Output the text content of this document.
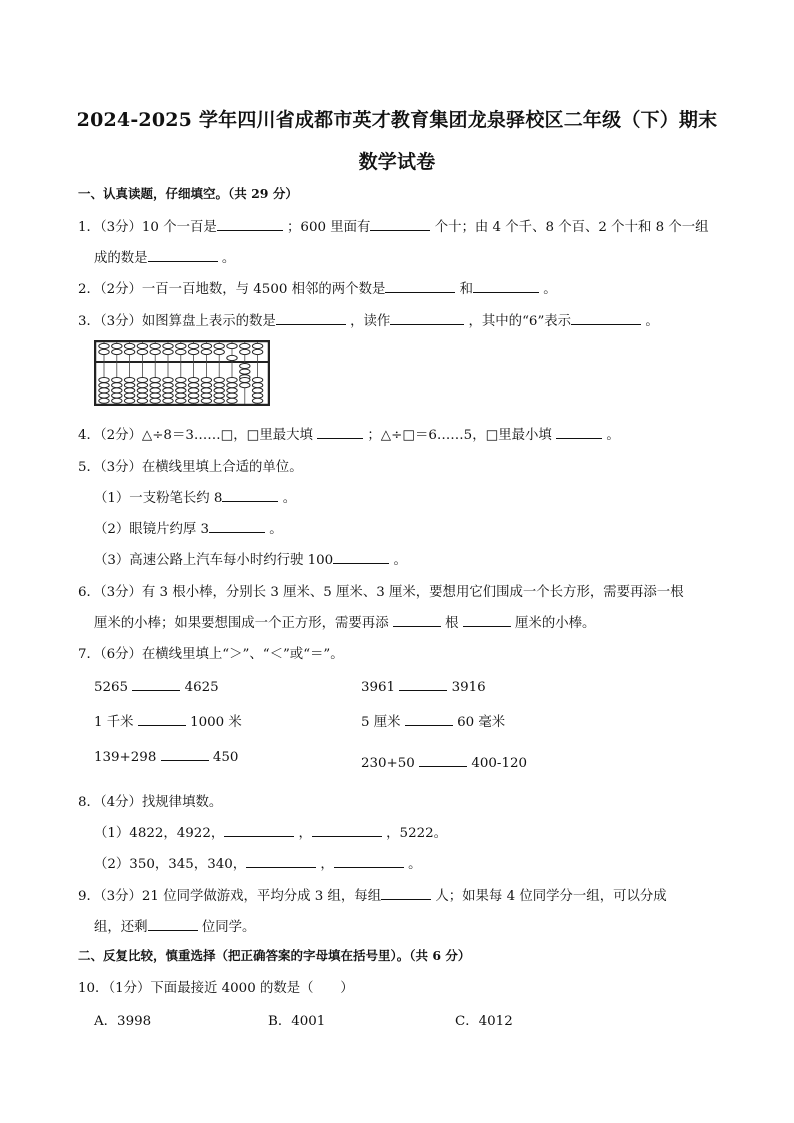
2024-2025 学年四川省成都市英才教育集团龙泉驿校区二年级（下）期末
数学试卷
一、认真读题，仔细填空。（共 29 分）
1．（3分）10 个一百是	；600 里面有	个十；由 4 个千、8 个百、2 个十和 8 个一组
成的数是	。
2．（2分）一百一百地数，与 4500 相邻的两个数是	和	。
3．（3分）如图算盘上表示的数是	，读作	，其中的“6”表示	。
4．（2分）△÷8＝3……□，□里最大填	；△÷□＝6……5，□里最小填	。
5．（3分）在横线里填上合适的单位。
（1）一支粉笔长约 8	。
（2）眼镜片约厚 3	。
（3）高速公路上汽车每小时约行驶 100	。
6．（3分）有 3 根小棒，分别长 3 厘米、5 厘米、3 厘米，要想用它们围成一个长方形，需要再添一根
厘米的小棒；如果要想围成一个正方形，需要再添	根	厘米的小棒。
7．（6分）在横线里填上“＞”、“＜”或“＝”。
5265	4625	3961	3916
1 千米	1000 米	5 厘米	60 毫米
139+298	450	230+50	400-120
8．（4分）找规律填数。
（1）4822，4922，	，	，5222。
（2）350，345，340，	，	。
9．（3分）21 位同学做游戏，平均分成 3 组，每组	人；如果每 4 位同学分一组，可以分成
组，还剩	位同学。
二、反复比较，慎重选择（把正确答案的字母填在括号里）。（共 6 分）
10．（1分）下面最接近 4000 的数是（　　）
A．3998	B．4001	C．4012
